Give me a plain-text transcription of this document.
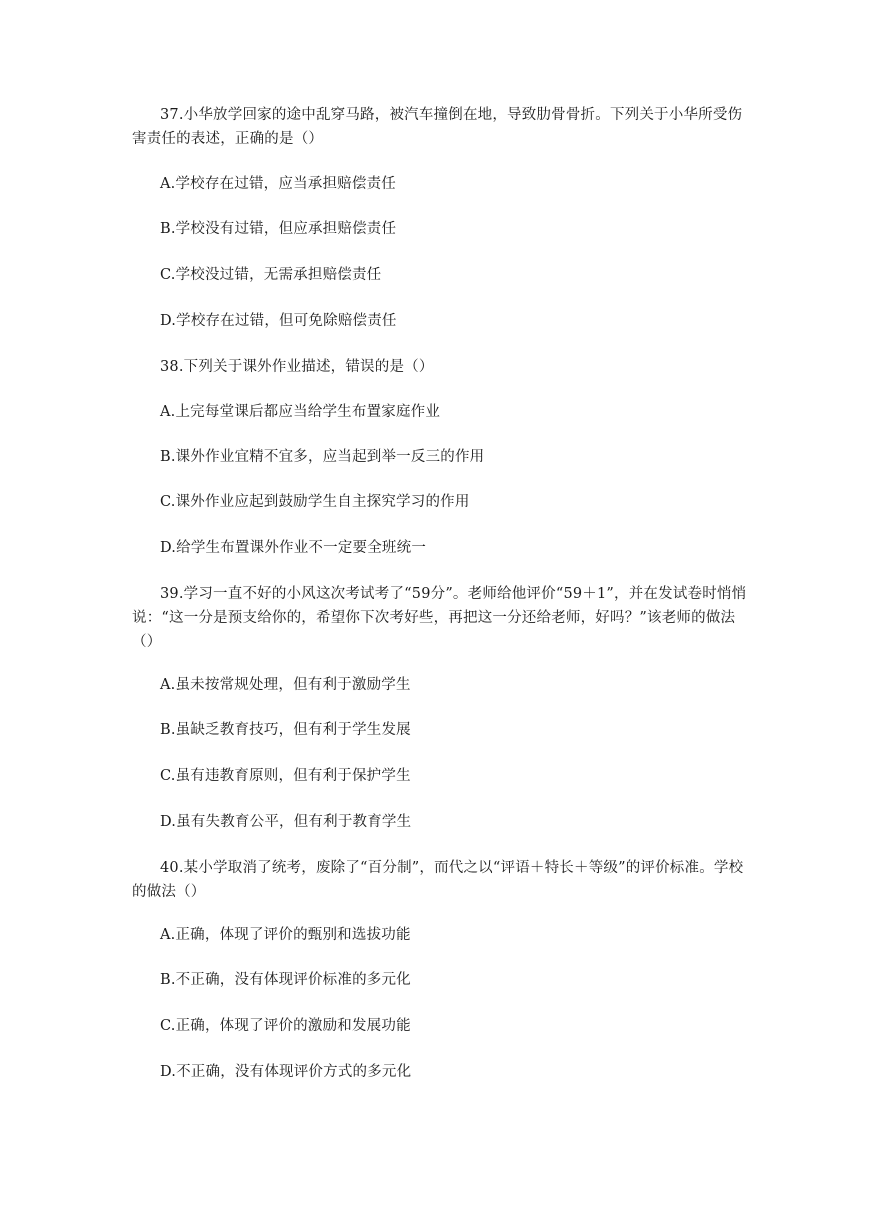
37.小华放学回家的途中乱穿马路，被汽车撞倒在地，导致肋骨骨折。下列关于小华所受伤害责任的表述，正确的是（）

A.学校存在过错，应当承担赔偿责任

B.学校没有过错，但应承担赔偿责任

C.学校没过错，无需承担赔偿责任

D.学校存在过错，但可免除赔偿责任

38.下列关于课外作业描述，错误的是（）

A.上完每堂课后都应当给学生布置家庭作业

B.课外作业宜精不宜多，应当起到举一反三的作用

C.课外作业应起到鼓励学生自主探究学习的作用

D.给学生布置课外作业不一定要全班统一

39.学习一直不好的小风这次考试考了“59分”。老师给他评价“59＋1”，并在发试卷时悄悄说：“这一分是预支给你的，希望你下次考好些，再把这一分还给老师，好吗？”该老师的做法（）

A.虽未按常规处理，但有利于激励学生

B.虽缺乏教育技巧，但有利于学生发展

C.虽有违教育原则，但有利于保护学生

D.虽有失教育公平，但有利于教育学生

40.某小学取消了统考，废除了“百分制”，而代之以“评语＋特长＋等级”的评价标准。学校的做法（）

A.正确，体现了评价的甄别和选拔功能

B.不正确，没有体现评价标准的多元化

C.正确，体现了评价的激励和发展功能

D.不正确，没有体现评价方式的多元化
